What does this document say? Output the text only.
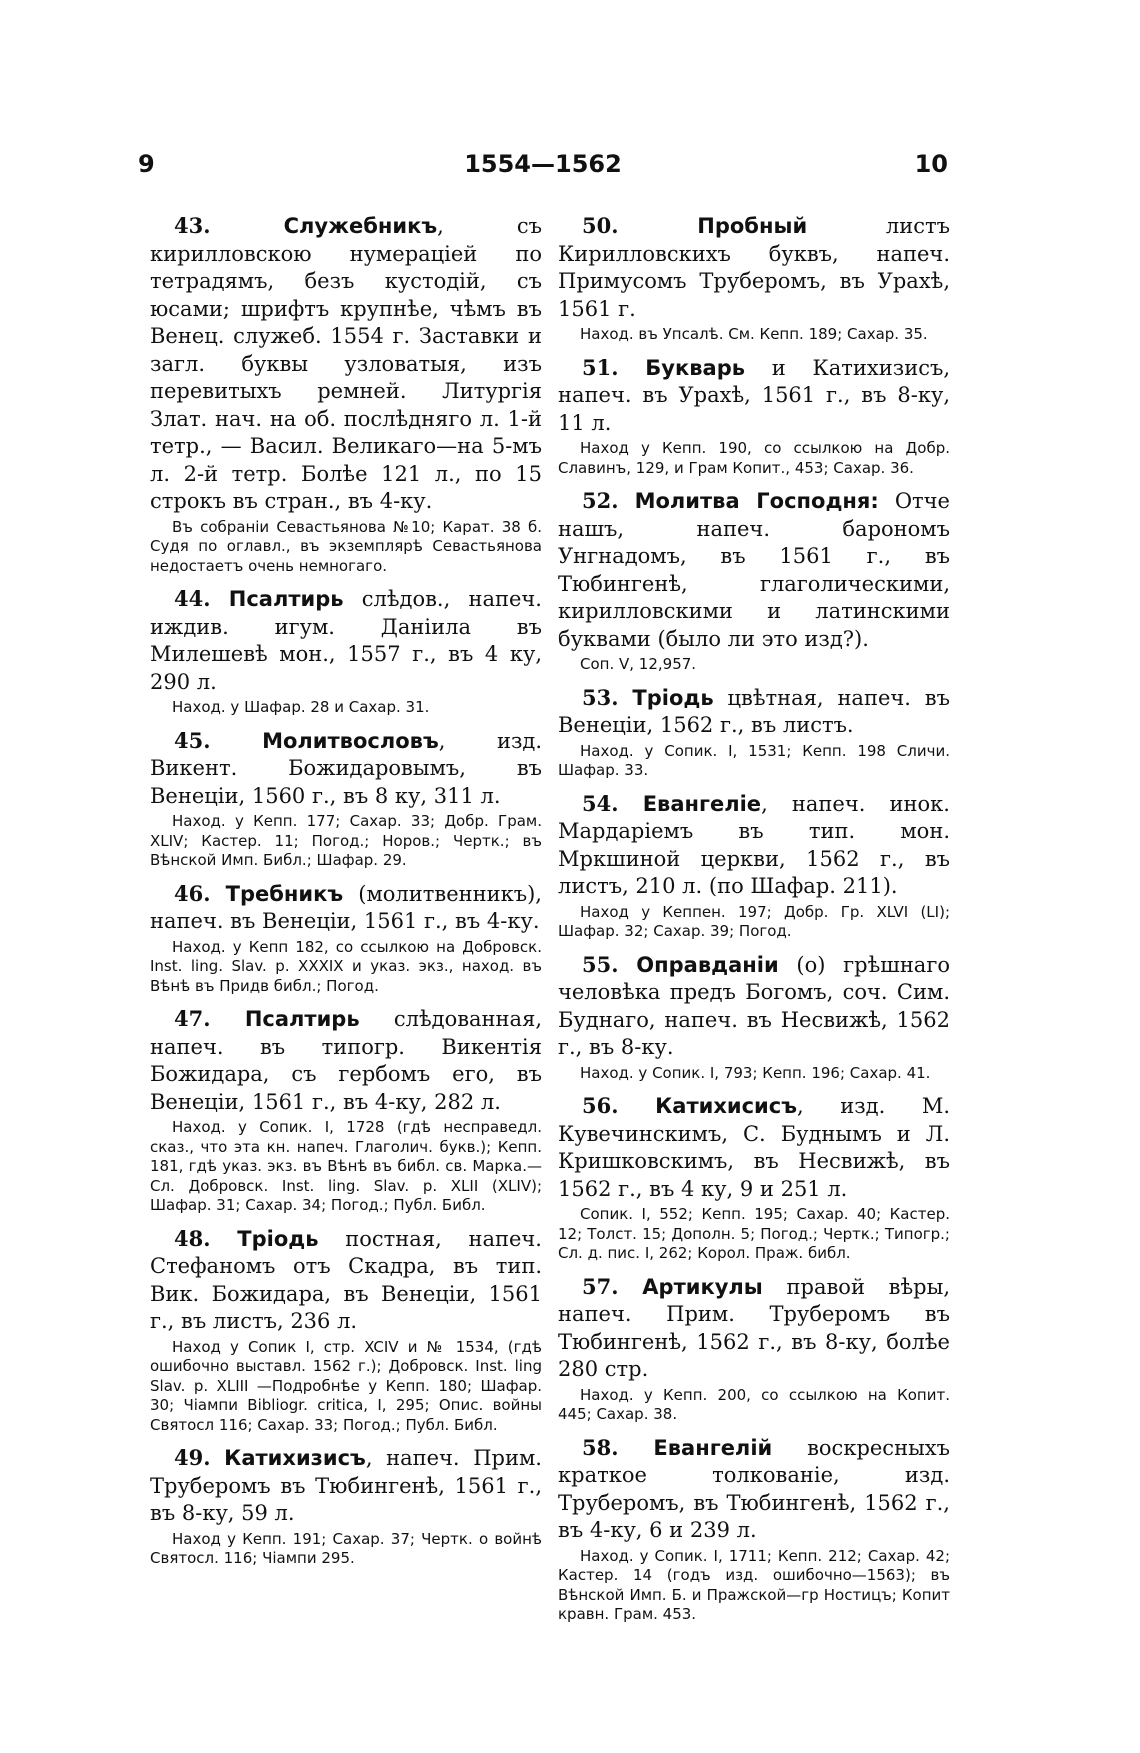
9	1554—1562	10

43.	Служебникъ, съ кирилловскою нумераціей по тетрадямъ, безъ кустодій, съ юсами; шрифтъ крупнѣе, чѣмъ въ Венец. служеб. 1554 г. Заставки и загл. буквы узловатыя, изъ перевитыхъ ремней. Литургія Злат. нач. на об. послѣдняго л. 1-й тетр., — Васил. Великаго—на 5-мъ л. 2-й тетр. Болѣе 121 л., по 15 строкъ въ стран., въ 4-ку.

Въ собраніи Севастьянова №10; Карат. 38 б. Судя по оглавл., въ экземплярѣ Севастьянова недостаетъ очень немногаго.

44. Псалтирь слѣдов., напеч. иждив. игум. Даніила въ Милешевѣ мон., 1557 г., въ 4 ку, 290 л.

Наход. у Шафар. 28 и Сахар. 31.

45. Молитвословъ, изд. Викент. Божидаровымъ, въ Венеціи, 1560 г., въ 8 ку, 311 л.

Наход. у Кепп. 177; Сахар. 33; Добр. Грам. XLIV; Кастер. 11; Погод.; Норов.; Чертк.; въ Вѣнской Имп. Библ.; Шафар. 29.

46. Требникъ (молитвенникъ), напеч. въ Венеціи, 1561 г., въ 4-ку.

Наход. у Кепп 182, со ссылкою на Добровск. Inst. ling. Slav. p. XXXIX и указ. экз., наход. въ Вѣнѣ въ Придв библ.; Погод.

47. Псалтирь слѣдованная, напеч. въ типогр. Викентія Божидара, съ гербомъ его, въ Венеціи, 1561 г., въ 4-ку, 282 л.

Наход. у Сопик. I, 1728 (гдѣ несправедл. сказ., что эта кн. напеч. Глаголич. букв.); Кепп. 181, гдѣ указ. экз. въ Вѣнѣ въ библ. св. Марка.—Сл. Добровск. Inst. ling. Slav. p. XLII (XLIV); Шафар. 31; Сахар. 34; Погод.; Публ. Библ.

48. Тріодь постная, напеч. Стефаномъ отъ Скадра, въ тип. Вик. Божидара, въ Венеціи, 1561 г., въ листъ, 236 л.

Наход у Сопик I, стр. XCIV и № 1534, (гдѣ ошибочно выставл. 1562 г.); Добровск. Inst. ling Slav. p. XLIII —Подробнѣе у Кепп. 180; Шафар. 30; Чіампи Bibliogr. critica, I, 295; Опис. войны Святосл 116; Сахар. 33; Погод.; Публ. Библ.

49. Катихизисъ, напеч. Прим. Труберомъ въ Тюбингенѣ, 1561 г., въ 8-ку, 59 л.

Наход у Кепп. 191; Сахар. 37; Чертк. о войнѣ Святосл. 116; Чіампи 295.

50.	Пробный листъ Кирилловскихъ буквъ, напеч. Примусомъ Труберомъ, въ Урахѣ, 1561 г.

Наход. въ Упсалѣ. См. Кепп. 189; Сахар. 35.

51. Букварь и Катихизисъ, напеч. въ Урахѣ, 1561 г., въ 8-ку, 11 л.

Наход у Кепп. 190, со ссылкою на Добр. Славинъ, 129, и Грам Копит., 453; Сахар. 36.

52. Молитва Господня: Отче нашъ, напеч. барономъ Унгнадомъ, въ 1561 г., въ Тюбингенѣ, глаголическими, кирилловскими и латинскими буквами (было ли это изд?).

Соп. V, 12,957.

53. Тріодь цвѣтная, напеч. въ Венеціи, 1562 г., въ листъ.

Наход. у Сопик. I, 1531; Кепп. 198 Сличи. Шафар. 33.

54. Евангеліе, напеч. инок. Мардаріемъ въ тип. мон. Мркшиной церкви, 1562 г., въ листъ, 210 л. (по Шафар. 211).

Наход у Кеппен. 197; Добр. Гр. XLVI (LI); Шафар. 32; Сахар. 39; Погод.

55. Оправданіи (о) грѣшнаго человѣка предъ Богомъ, соч. Сим. Буднаго, напеч. въ Несвижѣ, 1562 г., въ 8-ку.

Наход. у Сопик. I, 793; Кепп. 196; Сахар. 41.

56. Катихисисъ, изд. М. Кувечинскимъ, С. Буднымъ и Л. Кришковскимъ, въ Несвижѣ, въ 1562 г., въ 4 ку, 9 и 251 л.

Сопик. I, 552; Кепп. 195; Сахар. 40; Кастер. 12; Толст. 15; Дополн. 5; Погод.; Чертк.; Типогр.; Сл. д. пис. I, 262; Корол. Праж. библ.

57. Артикулы правой вѣры, напеч. Прим. Труберомъ въ Тюбингенѣ, 1562 г., въ 8-ку, болѣе 280 стр.

Наход. у Кепп. 200, со ссылкою на Копит. 445; Сахар. 38.

58. Евангелій воскресныхъ краткое толкованіе, изд. Труберомъ, въ Тюбингенѣ, 1562 г., въ 4-ку, 6 и 239 л.

Наход. у Сопик. I, 1711; Кепп. 212; Сахар. 42; Кастер. 14 (годъ изд. ошибочно—1563); въ Вѣнской Имп. Б. и Пражской—гр Ностицъ; Копит кравн. Грам. 453.
